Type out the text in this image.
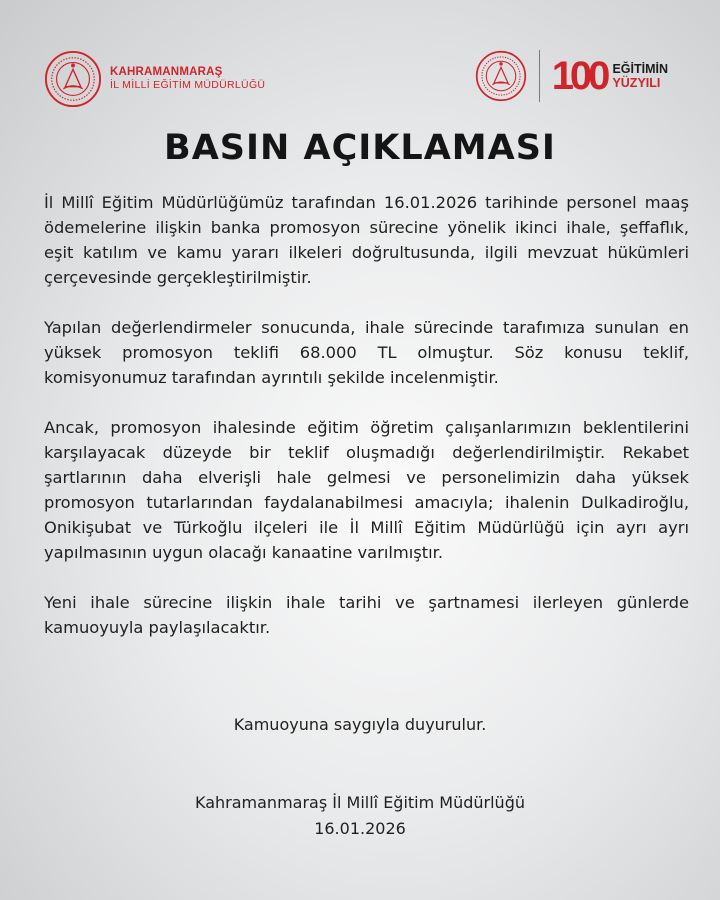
KAHRAMANMARAŞ
İL MİLLİ EĞİTİM MÜDÜRLÜĞÜ	100 EĞİTİMİN
YÜZYILI
BASIN AÇIKLAMASI

İl Millî Eğitim Müdürlüğümüz tarafından 16.01.2026 tarihinde personel maaş ödemelerine ilişkin banka promosyon sürecine yönelik ikinci ihale, şeffaflık, eşit katılım ve kamu yararı ilkeleri doğrultusunda, ilgili mevzuat hükümleri çerçevesinde gerçekleştirilmiştir.

Yapılan değerlendirmeler sonucunda, ihale sürecinde tarafımıza sunulan en yüksek promosyon teklifi 68.000 TL olmuştur. Söz konusu teklif, komisyonumuz tarafından ayrıntılı şekilde incelenmiştir.

Ancak, promosyon ihalesinde eğitim öğretim çalışanlarımızın beklentilerini karşılayacak düzeyde bir teklif oluşmadığı değerlendirilmiştir. Rekabet şartlarının daha elverişli hale gelmesi ve personelimizin daha yüksek promosyon tutarlarından faydalanabilmesi amacıyla; ihalenin Dulkadiroğlu, Onikişubat ve Türkoğlu ilçeleri ile İl Millî Eğitim Müdürlüğü için ayrı ayrı yapılmasının uygun olacağı kanaatine varılmıştır.

Yeni ihale sürecine ilişkin ihale tarihi ve şartnamesi ilerleyen günlerde kamuoyuyla paylaşılacaktır.

Kamuoyuna saygıyla duyurulur.

Kahramanmaraş İl Millî Eğitim Müdürlüğü

16.01.2026
